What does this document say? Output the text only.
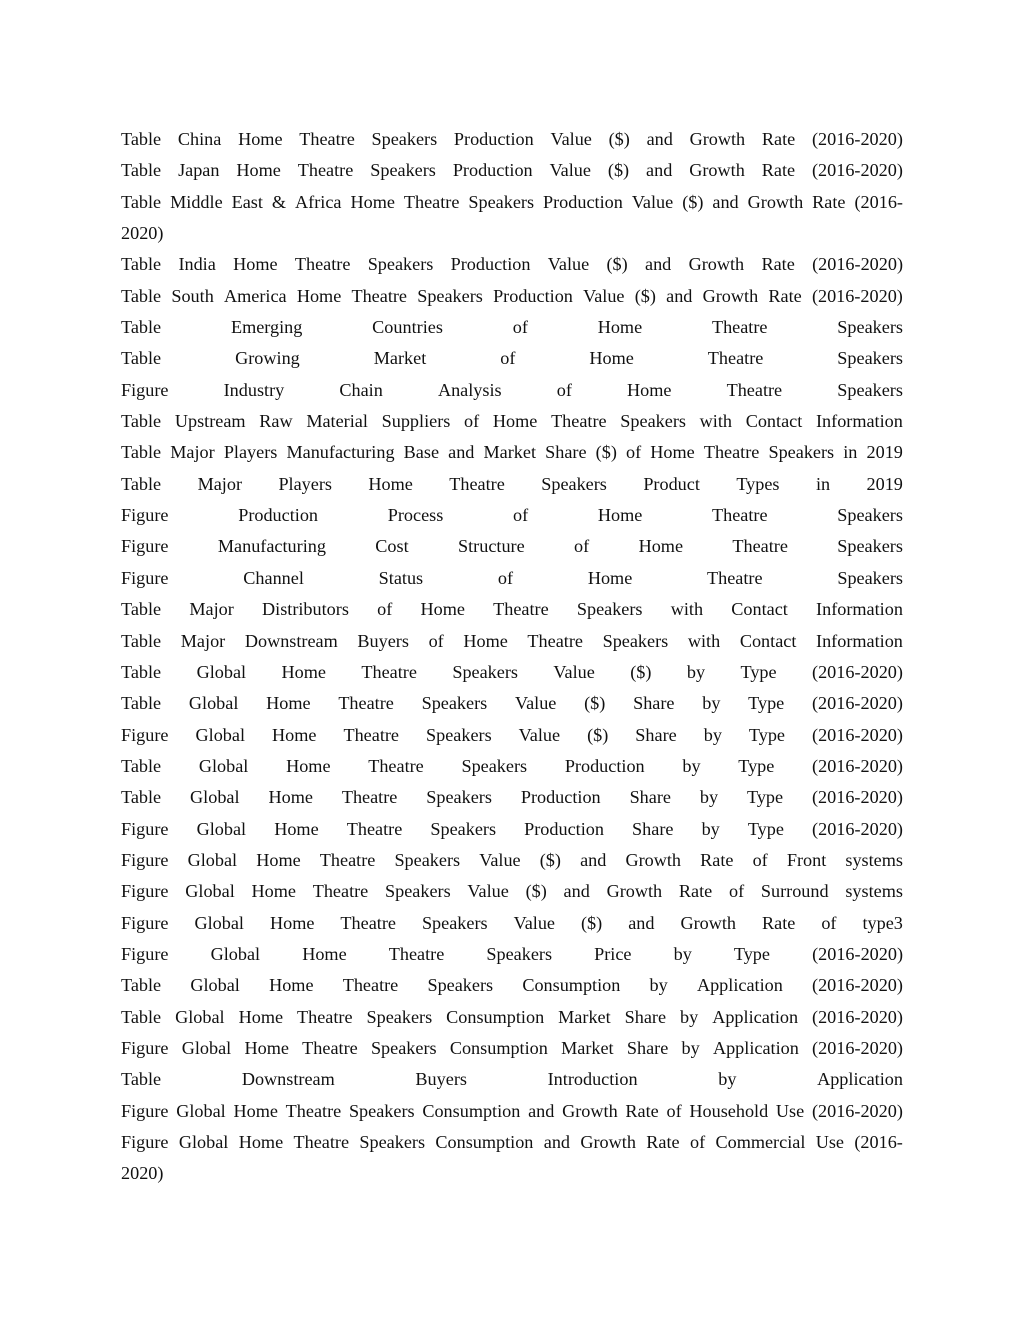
Table China Home Theatre Speakers Production Value ($) and Growth Rate (2016-2020)
Table Japan Home Theatre Speakers Production Value ($) and Growth Rate (2016-2020)
Table Middle East & Africa Home Theatre Speakers Production Value ($) and Growth Rate (2016-
2020)
Table India Home Theatre Speakers Production Value ($) and Growth Rate (2016-2020)
Table South America Home Theatre Speakers Production Value ($) and Growth Rate (2016-2020)
Table	Emerging	Countries	of	Home	Theatre	Speakers
Table	Growing	Market	of	Home	Theatre	Speakers
Figure	Industry	Chain	Analysis	of	Home	Theatre	Speakers
Table Upstream Raw Material Suppliers of Home Theatre Speakers with Contact Information
Table Major Players Manufacturing Base and Market Share ($) of Home Theatre Speakers in 2019
Table Major Players Home Theatre Speakers Product Types in 2019
Figure	Production	Process	of	Home	Theatre	Speakers
Figure	Manufacturing	Cost	Structure	of	Home	Theatre	Speakers
Figure	Channel	Status	of	Home	Theatre	Speakers
Table Major Distributors of Home Theatre Speakers with Contact Information
Table Major Downstream Buyers of Home Theatre Speakers with Contact Information
Table Global Home Theatre Speakers Value ($) by Type (2016-2020)
Table Global Home Theatre Speakers Value ($) Share by Type (2016-2020)
Figure Global Home Theatre Speakers Value ($) Share by Type (2016-2020)
Table Global Home Theatre Speakers Production by Type (2016-2020)
Table Global Home Theatre Speakers Production Share by Type (2016-2020)
Figure Global Home Theatre Speakers Production Share by Type (2016-2020)
Figure Global Home Theatre Speakers Value ($) and Growth Rate of Front systems
Figure Global Home Theatre Speakers Value ($) and Growth Rate of Surround systems
Figure Global Home Theatre Speakers Value ($) and Growth Rate of type3
Figure Global Home Theatre Speakers Price by Type (2016-2020)
Table Global Home Theatre Speakers Consumption by Application (2016-2020)
Table Global Home Theatre Speakers Consumption Market Share by Application (2016-2020)
Figure Global Home Theatre Speakers Consumption Market Share by Application (2016-2020)
Table	Downstream	Buyers	Introduction	by	Application
Figure Global Home Theatre Speakers Consumption and Growth Rate of Household Use (2016-2020)
Figure Global Home Theatre Speakers Consumption and Growth Rate of Commercial Use (2016-
2020)
